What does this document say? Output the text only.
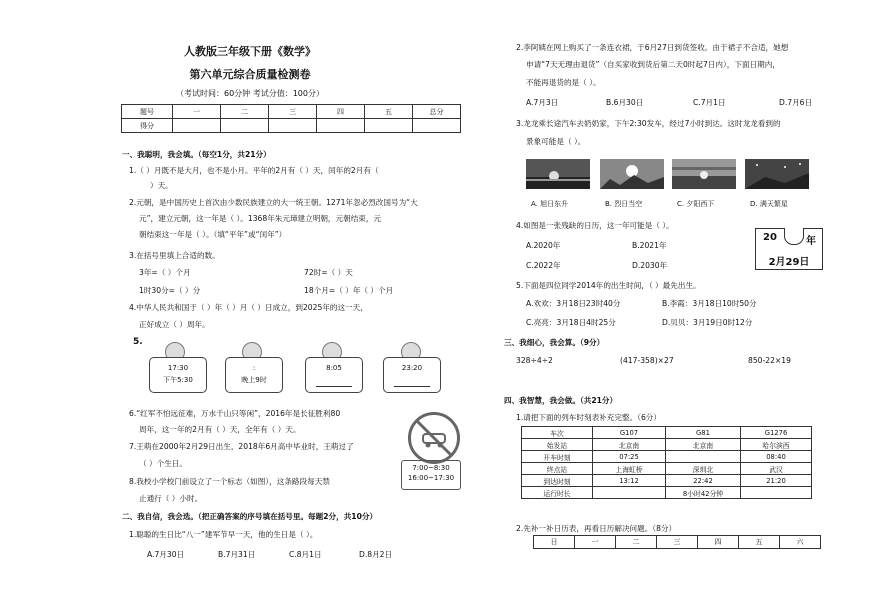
人教版三年级下册《数学》
第六单元综合质量检测卷
（考试时间：60分钟 考试分值：100分）
题号	一	二	三	四	五	总分
得分						
一、我聪明，我会填。（每空1分，共21分）
1.（ ）月既不是大月，也不是小月。平年的2月有（ ）天，闰年的2月有（
）天。
2.元朝，是中国历史上首次由少数民族建立的大一统王朝。1271年忽必烈改国号为“大
元”，建立元朝，这一年是（ ）。1368年朱元璋建立明朝，元朝结束，元
朝结束这一年是（ ）。（填“平年”或“闰年”）
3.在括号里填上合适的数。
3年=（ ）个月	72时=（ ）天
1时30分=（ ）分	18个月=（ ）年（ ）个月
4.中华人民共和国于（ ）年（ ）月（ ）日成立，到2025年的这一天，
正好成立（ ）周年。
5.
17:30
下午5:30
:
晚上9时
8:05	23:20
6.“红军不怕远征难，万水千山只等闲”，2016年是长征胜利80
周年，这一年的2月有（ ）天，全年有（ ）天。
7.王萌在2000年2月29日出生，2018年6月高中毕业时，王萌过了
（ ）个生日。
8.我校小学校门前设立了一个标志（如图），这条路段每天禁
止通行（ ）小时。
7:00~8:30
16:00~17:30
二、我自信，我会选。（把正确答案的序号填在括号里。每题2分，共10分）
1.聪聪的生日比“八一”建军节早一天，他的生日是（ ）。
A.7月30日	B.7月31日	C.8月1日	D.8月2日
2.李阿姨在网上购买了一条连衣裙，于6月27日到货签收。由于裙子不合适，她想
申请“7天无理由退货”（自买家收到货后第二天0时起7日内），下面日期内，
不能再退货的是（ ）。
A.7月3日	B.6月30日	C.7月1日	D.7月6日
3.龙龙乘长途汽车去奶奶家，下午2:30发车，经过7小时到达。这时龙龙看到的
景象可能是（ ）。
A. 旭日东升	B. 烈日当空	C. 夕阳西下	D. 满天繁星
4.如图是一张残缺的日历，这一年可能是（ ）。
A.2020年	B.2021年
C.2022年	D.2030年
20	年
2月29日
5.下面是四位同学2014年的出生时间，（ ）最先出生。
A.欢欢：3月18日23时40分	B.李霞：3月18日10时50分
C.亮亮：3月18日4时25分	D.贝贝：3月19日0时12分
三、我细心，我会算。（9分）
328÷4÷2	(417-358)×27	850-22×19
四、我智慧，我会做。（共21分）
1.请把下面的列车时刻表补充完整。（6分）
车次	G107	G81	G1276
始发站	北京南	北京南	哈尔滨西
开车时刻	07:25		08:40
终点站	上海虹桥	深圳北	武汉
到达时刻	13:12	22:42	21:20
运行时长		8小时42分钟	
2.先补一补日历表，再看日历解决问题。（8分）
日	一	二	三	四	五	六
